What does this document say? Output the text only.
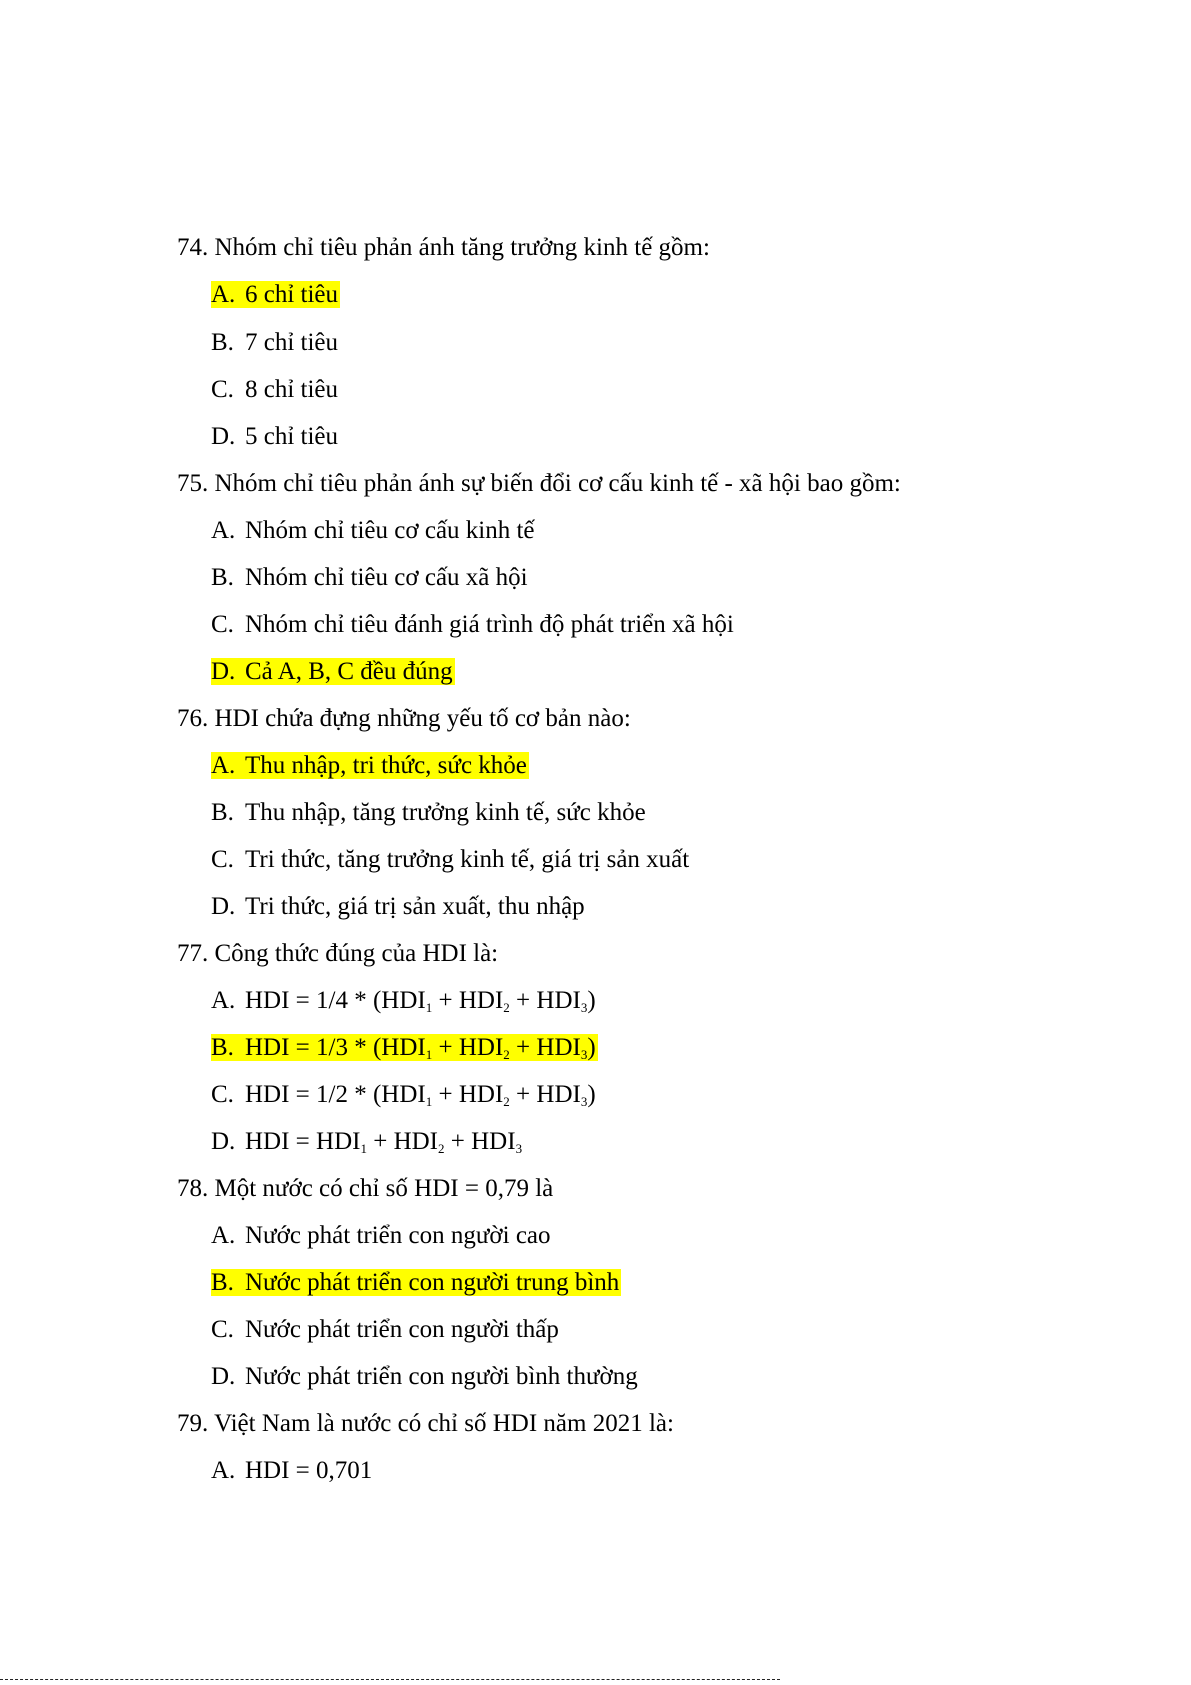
74. Nhóm chỉ tiêu phản ánh tăng trưởng kinh tế gồm:
A. 6 chỉ tiêu
B. 7 chỉ tiêu
C. 8 chỉ tiêu
D. 5 chỉ tiêu
75. Nhóm chỉ tiêu phản ánh sự biến đổi cơ cấu kinh tế - xã hội bao gồm:
A. Nhóm chỉ tiêu cơ cấu kinh tế
B. Nhóm chỉ tiêu cơ cấu xã hội
C. Nhóm chỉ tiêu đánh giá trình độ phát triển xã hội
D. Cả A, B, C đều đúng
76. HDI chứa đựng những yếu tố cơ bản nào:
A. Thu nhập, tri thức, sức khỏe
B. Thu nhập, tăng trưởng kinh tế, sức khỏe
C. Tri thức, tăng trưởng kinh tế, giá trị sản xuất
D. Tri thức, giá trị sản xuất, thu nhập
77. Công thức đúng của HDI là:
A. HDI = $1/4 * (HDI_1 + HDI_2 + HDI_3)$
B. HDI = $1/3 * (HDI_1 + HDI_2 + HDI_3)$
C. HDI = $1/2 * (HDI_1 + HDI_2 + HDI_3)$
D. HDI = $HDI_1 + HDI_2 + HDI_3$
78. Một nước có chỉ số HDI = 0,79 là
A. Nước phát triển con người cao
B. Nước phát triển con người trung bình
C. Nước phát triển con người thấp
D. Nước phát triển con người bình thường
79. Việt Nam là nước có chỉ số HDI năm 2021 là:
A. HDI = 0,701
